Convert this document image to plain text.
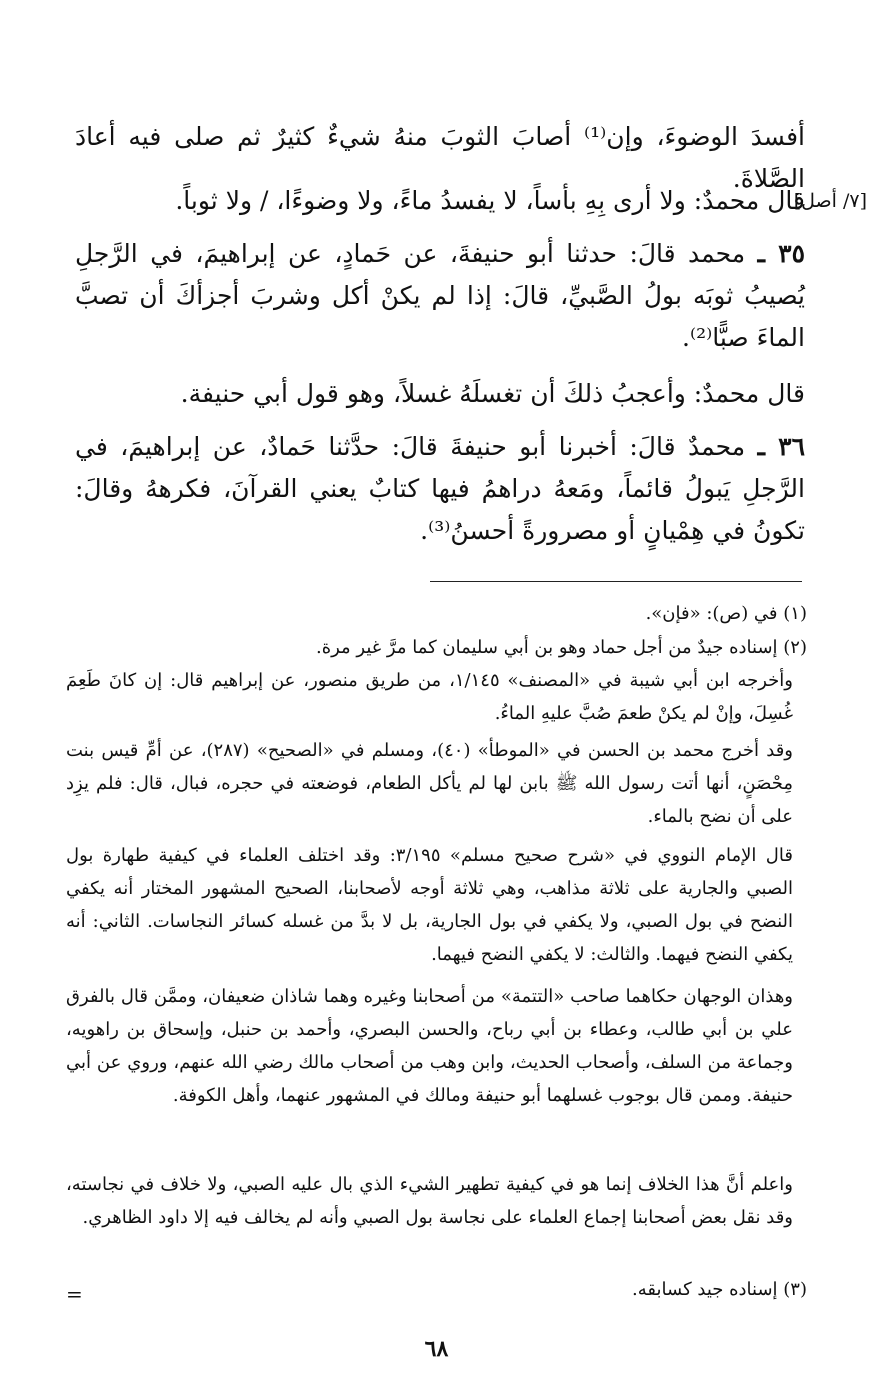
أفسدَ الوضوءَ، وإن⁽¹⁾ أصابَ الثوبَ منهُ شيءٌ كثيرٌ ثم صلى فيه أعادَ الصَّلاةَ.

[٧/ أصل]

قال محمدٌ: ولا أرى بِهِ بأساً، لا يفسدُ ماءً، ولا وضوءًا، / ولا ثوباً.

٣٥ ـ محمد قالَ: حدثنا أبو حنيفةَ، عن حَمادٍ، عن إبراهيمَ، في الرَّجلِ يُصيبُ ثوبَه بولُ الصَّبيِّ، قالَ: إذا لم يكنْ أكل وشربَ أجزأكَ أن تصبَّ الماءَ صبًّا⁽²⁾.

قال محمدٌ: وأعجبُ ذلكَ أن تغسلَهُ غسلاً، وهو قول أبي حنيفة.

٣٦ ـ محمدٌ قالَ: أخبرنا أبو حنيفةَ قالَ: حدَّثنا حَمادٌ، عن إبراهيمَ، في الرَّجلِ يَبولُ قائماً، ومَعهُ دراهمُ فيها كتابٌ يعني القرآنَ، فكرههُ وقالَ: تكونُ في هِمْيانٍ أو مصرورةً أحسنُ⁽³⁾.

(١) في (ص): «فإن».

(٢) إسناده جيدٌ من أجل حماد وهو بن أبي سليمان كما مرَّ غير مرة.

وأخرجه ابن أبي شيبة في «المصنف» ١/١٤٥، من طريق منصور، عن إبراهيم قال: إن كانَ طَعِمَ غُسِلَ، وإنْ لم يكنْ طعمَ صُبَّ عليهِ الماءُ.

وقد أخرج محمد بن الحسن في «الموطأ» (٤٠)، ومسلم في «الصحيح» (٢٨٧)، عن أمِّ قيس بنت مِحْصَنٍ، أنها أتت رسول الله ﷺ بابن لها لم يأكل الطعام، فوضعته في حجره، فبال، قال: فلم يزِد على أن نضح بالماء.

قال الإمام النووي في «شرح صحيح مسلم» ٣/١٩٥: وقد اختلف العلماء في كيفية طهارة بول الصبي والجارية على ثلاثة مذاهب، وهي ثلاثة أوجه لأصحابنا، الصحيح المشهور المختار أنه يكفي النضح في بول الصبي، ولا يكفي في بول الجارية، بل لا بدَّ من غسله كسائر النجاسات. الثاني: أنه يكفي النضح فيهما. والثالث: لا يكفي النضح فيهما.

وهذان الوجهان حكاهما صاحب «التتمة» من أصحابنا وغيره وهما شاذان ضعيفان، وممَّن قال بالفرق علي بن أبي طالب، وعطاء بن أبي رباح، والحسن البصري، وأحمد بن حنبل، وإسحاق بن راهويه، وجماعة من السلف، وأصحاب الحديث، وابن وهب من أصحاب مالك رضي الله عنهم، وروي عن أبي حنيفة. وممن قال بوجوب غسلهما أبو حنيفة ومالك في المشهور عنهما، وأهل الكوفة.

واعلم أنَّ هذا الخلاف إنما هو في كيفية تطهير الشيء الذي بال عليه الصبي، ولا خلاف في نجاسته، وقد نقل بعض أصحابنا إجماع العلماء على نجاسة بول الصبي وأنه لم يخالف فيه إلا داود الظاهري.

(٣) إسناده جيد كسابقه.

=
٦٨
